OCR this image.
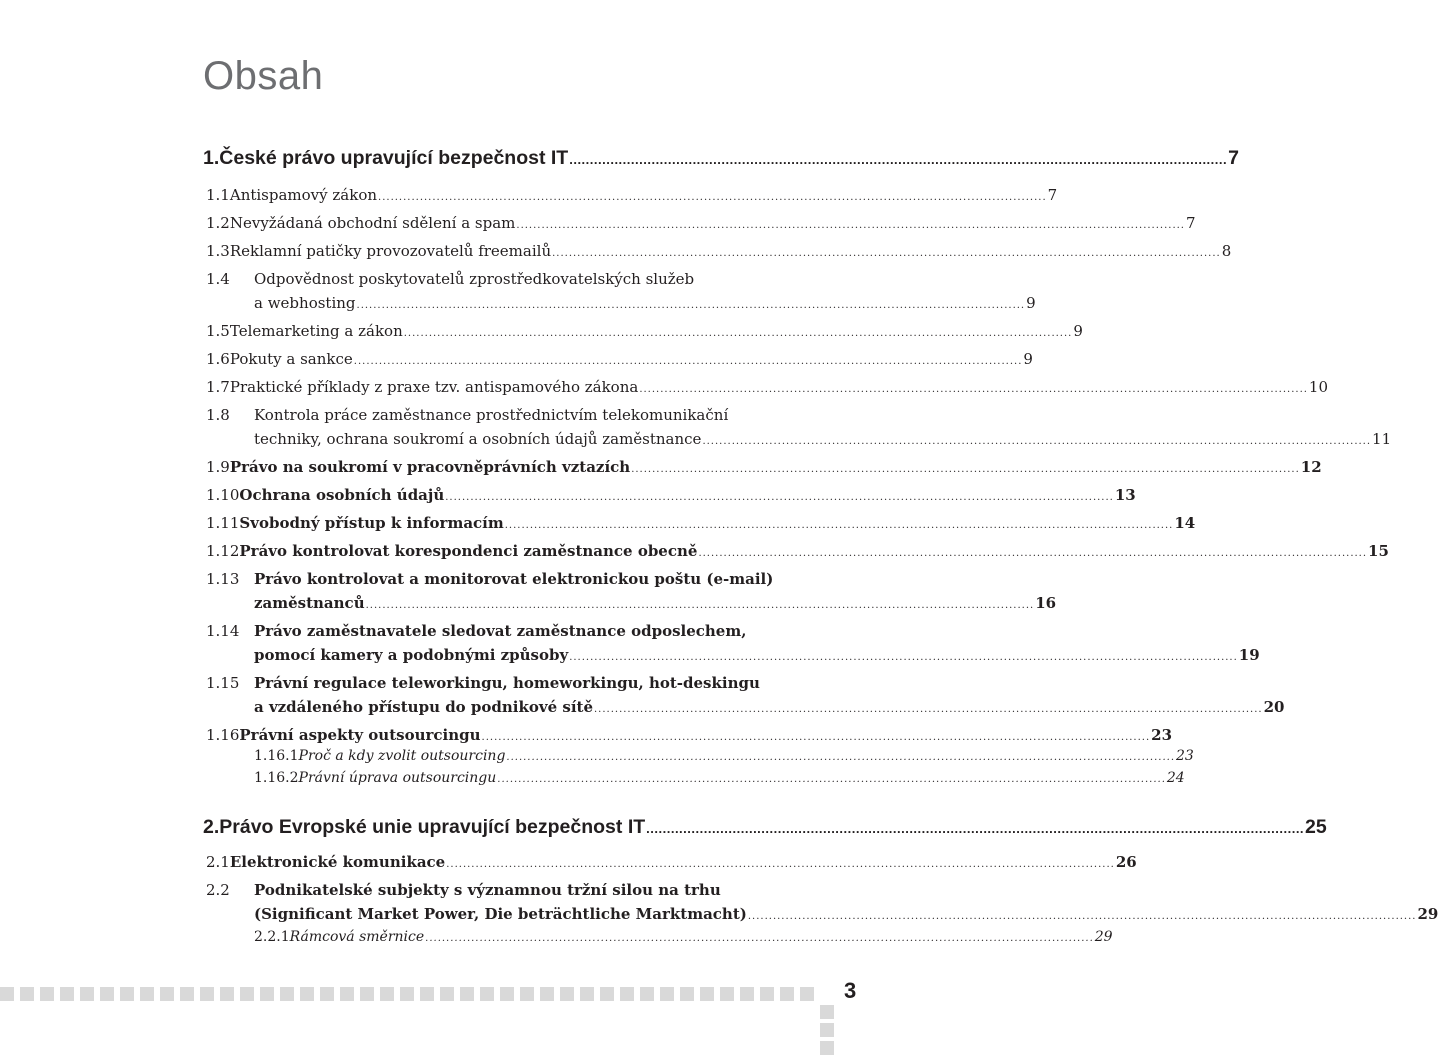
Obsah
1. České právo upravující bezpečnost IT ................................................................................................................................................................ 7
1.1 Antispamový zákon ................................................................................................................................................................ 7
1.2 Nevyžádaná obchodní sdělení a spam ................................................................................................................................................................ 7
1.3 Reklamní patičky provozovatelů freemailů ................................................................................................................................................................ 8
1.4	Odpovědnost poskytovatelů zprostředkovatelských služeb
a webhosting ................................................................................................................................................................ 9
1.5 Telemarketing a zákon ................................................................................................................................................................ 9
1.6 Pokuty a sankce ................................................................................................................................................................ 9
1.7 Praktické příklady z praxe tzv. antispamového zákona ................................................................................................................................................................ 10
1.8	Kontrola práce zaměstnance prostřednictvím telekomunikační
techniky, ochrana soukromí a osobních údajů zaměstnance ................................................................................................................................................................ 11
1.9 Právo na soukromí v pracovněprávních vztazích ................................................................................................................................................................ 12
1.10 Ochrana osobních údajů ................................................................................................................................................................ 13
1.11 Svobodný přístup k informacím ................................................................................................................................................................ 14
1.12 Právo kontrolovat korespondenci zaměstnance obecně ................................................................................................................................................................ 15
1.13 Právo kontrolovat a monitorovat elektronickou poštu (e-mail)
zaměstnanců ................................................................................................................................................................ 16
1.14 Právo zaměstnavatele sledovat zaměstnance odposlechem,
pomocí kamery a podobnými způsoby ................................................................................................................................................................ 19
1.15 Právní regulace teleworkingu, homeworkingu, hot-deskingu
a vzdáleného přístupu do podnikové sítě ................................................................................................................................................................ 20
1.16 Právní aspekty outsourcingu ................................................................................................................................................................ 23
1.16.1 Proč a kdy zvolit outsourcing ................................................................................................................................................................ 23
1.16.2 Právní úprava outsourcingu ................................................................................................................................................................ 24
2. Právo Evropské unie upravující bezpečnost IT ................................................................................................................................................................ 25
2.1 Elektronické komunikace ................................................................................................................................................................ 26
2.2	Podnikatelské subjekty s významnou tržní silou na trhu
(Significant Market Power, Die beträchtliche Marktmacht) ................................................................................................................................................................ 29
2.2.1 Rámcová směrnice ................................................................................................................................................................ 29
3
